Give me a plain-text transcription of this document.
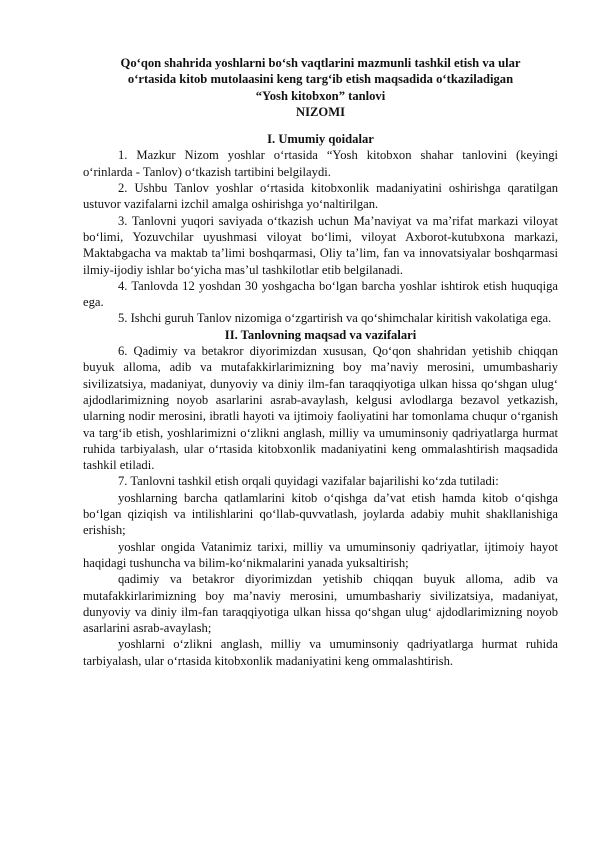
Qo‘qon shahrida yoshlarni bo‘sh vaqtlarini mazmunli tashkil etish va ular
o‘rtasida kitob mutolaasini keng targ‘ib etish maqsadida o‘tkaziladigan
“Yosh kitobxon” tanlovi
NIZOMI
I. Umumiy qoidalar

1. Mazkur Nizom yoshlar o‘rtasida “Yosh kitobxon shahar tanlovini (keyingi o‘rinlarda - Tanlov) o‘tkazish tartibini belgilaydi.

2. Ushbu Tanlov yoshlar o‘rtasida kitobxonlik madaniyatini oshirishga qaratilgan ustuvor vazifalarni izchil amalga oshirishga yo‘naltirilgan.

3. Tanlovni yuqori saviyada o‘tkazish uchun Ma’naviyat va ma’rifat markazi viloyat bo‘limi, Yozuvchilar uyushmasi viloyat bo‘limi, viloyat Axborot-kutubxona markazi, Maktabgacha va maktab ta’limi boshqarmasi, Oliy ta’lim, fan va innovatsiyalar boshqarmasi ilmiy-ijodiy ishlar bo‘yicha mas’ul tashkilotlar etib belgilanadi.

4. Tanlovda 12 yoshdan 30 yoshgacha bo‘lgan barcha yoshlar ishtirok etish huquqiga ega.

5. Ishchi guruh Tanlov nizomiga o‘zgartirish va qo‘shimchalar kiritish vakolatiga ega.

II. Tanlovning maqsad va vazifalari

6. Qadimiy va betakror diyorimizdan xususan, Qo‘qon shahridan yetishib chiqqan buyuk alloma, adib va mutafakkirlarimizning boy ma’naviy merosini, umumbashariy sivilizatsiya, madaniyat, dunyoviy va diniy ilm-fan taraqqiyotiga ulkan hissa qo‘shgan ulug‘ ajdodlarimizning noyob asarlarini asrab-avaylash, kelgusi avlodlarga bezavol yetkazish, ularning nodir merosini, ibratli hayoti va ijtimoiy faoliyatini har tomonlama chuqur o‘rganish va targ‘ib etish, yoshlarimizni o‘zlikni anglash, milliy va umuminsoniy qadriyatlarga hurmat ruhida tarbiyalash, ular o‘rtasida kitobxonlik madaniyatini keng ommalashtirish maqsadida tashkil etiladi.

7. Tanlovni tashkil etish orqali quyidagi vazifalar bajarilishi ko‘zda tutiladi:

yoshlarning barcha qatlamlarini kitob o‘qishga da’vat etish hamda kitob o‘qishga bo‘lgan qiziqish va intilishlarini qo‘llab-quvvatlash, joylarda adabiy muhit shakllanishiga erishish;

yoshlar ongida Vatanimiz tarixi, milliy va umuminsoniy qadriyatlar, ijtimoiy hayot haqidagi tushuncha va bilim-ko‘nikmalarini yanada yuksaltirish;

qadimiy va betakror diyorimizdan yetishib chiqqan buyuk alloma, adib va mutafakkirlarimizning boy ma’naviy merosini, umumbashariy sivilizatsiya, madaniyat, dunyoviy va diniy ilm-fan taraqqiyotiga ulkan hissa qo‘shgan ulug‘ ajdodlarimizning noyob asarlarini asrab-avaylash;

yoshlarni o‘zlikni anglash, milliy va umuminsoniy qadriyatlarga hurmat ruhida tarbiyalash, ular o‘rtasida kitobxonlik madaniyatini keng ommalashtirish.
